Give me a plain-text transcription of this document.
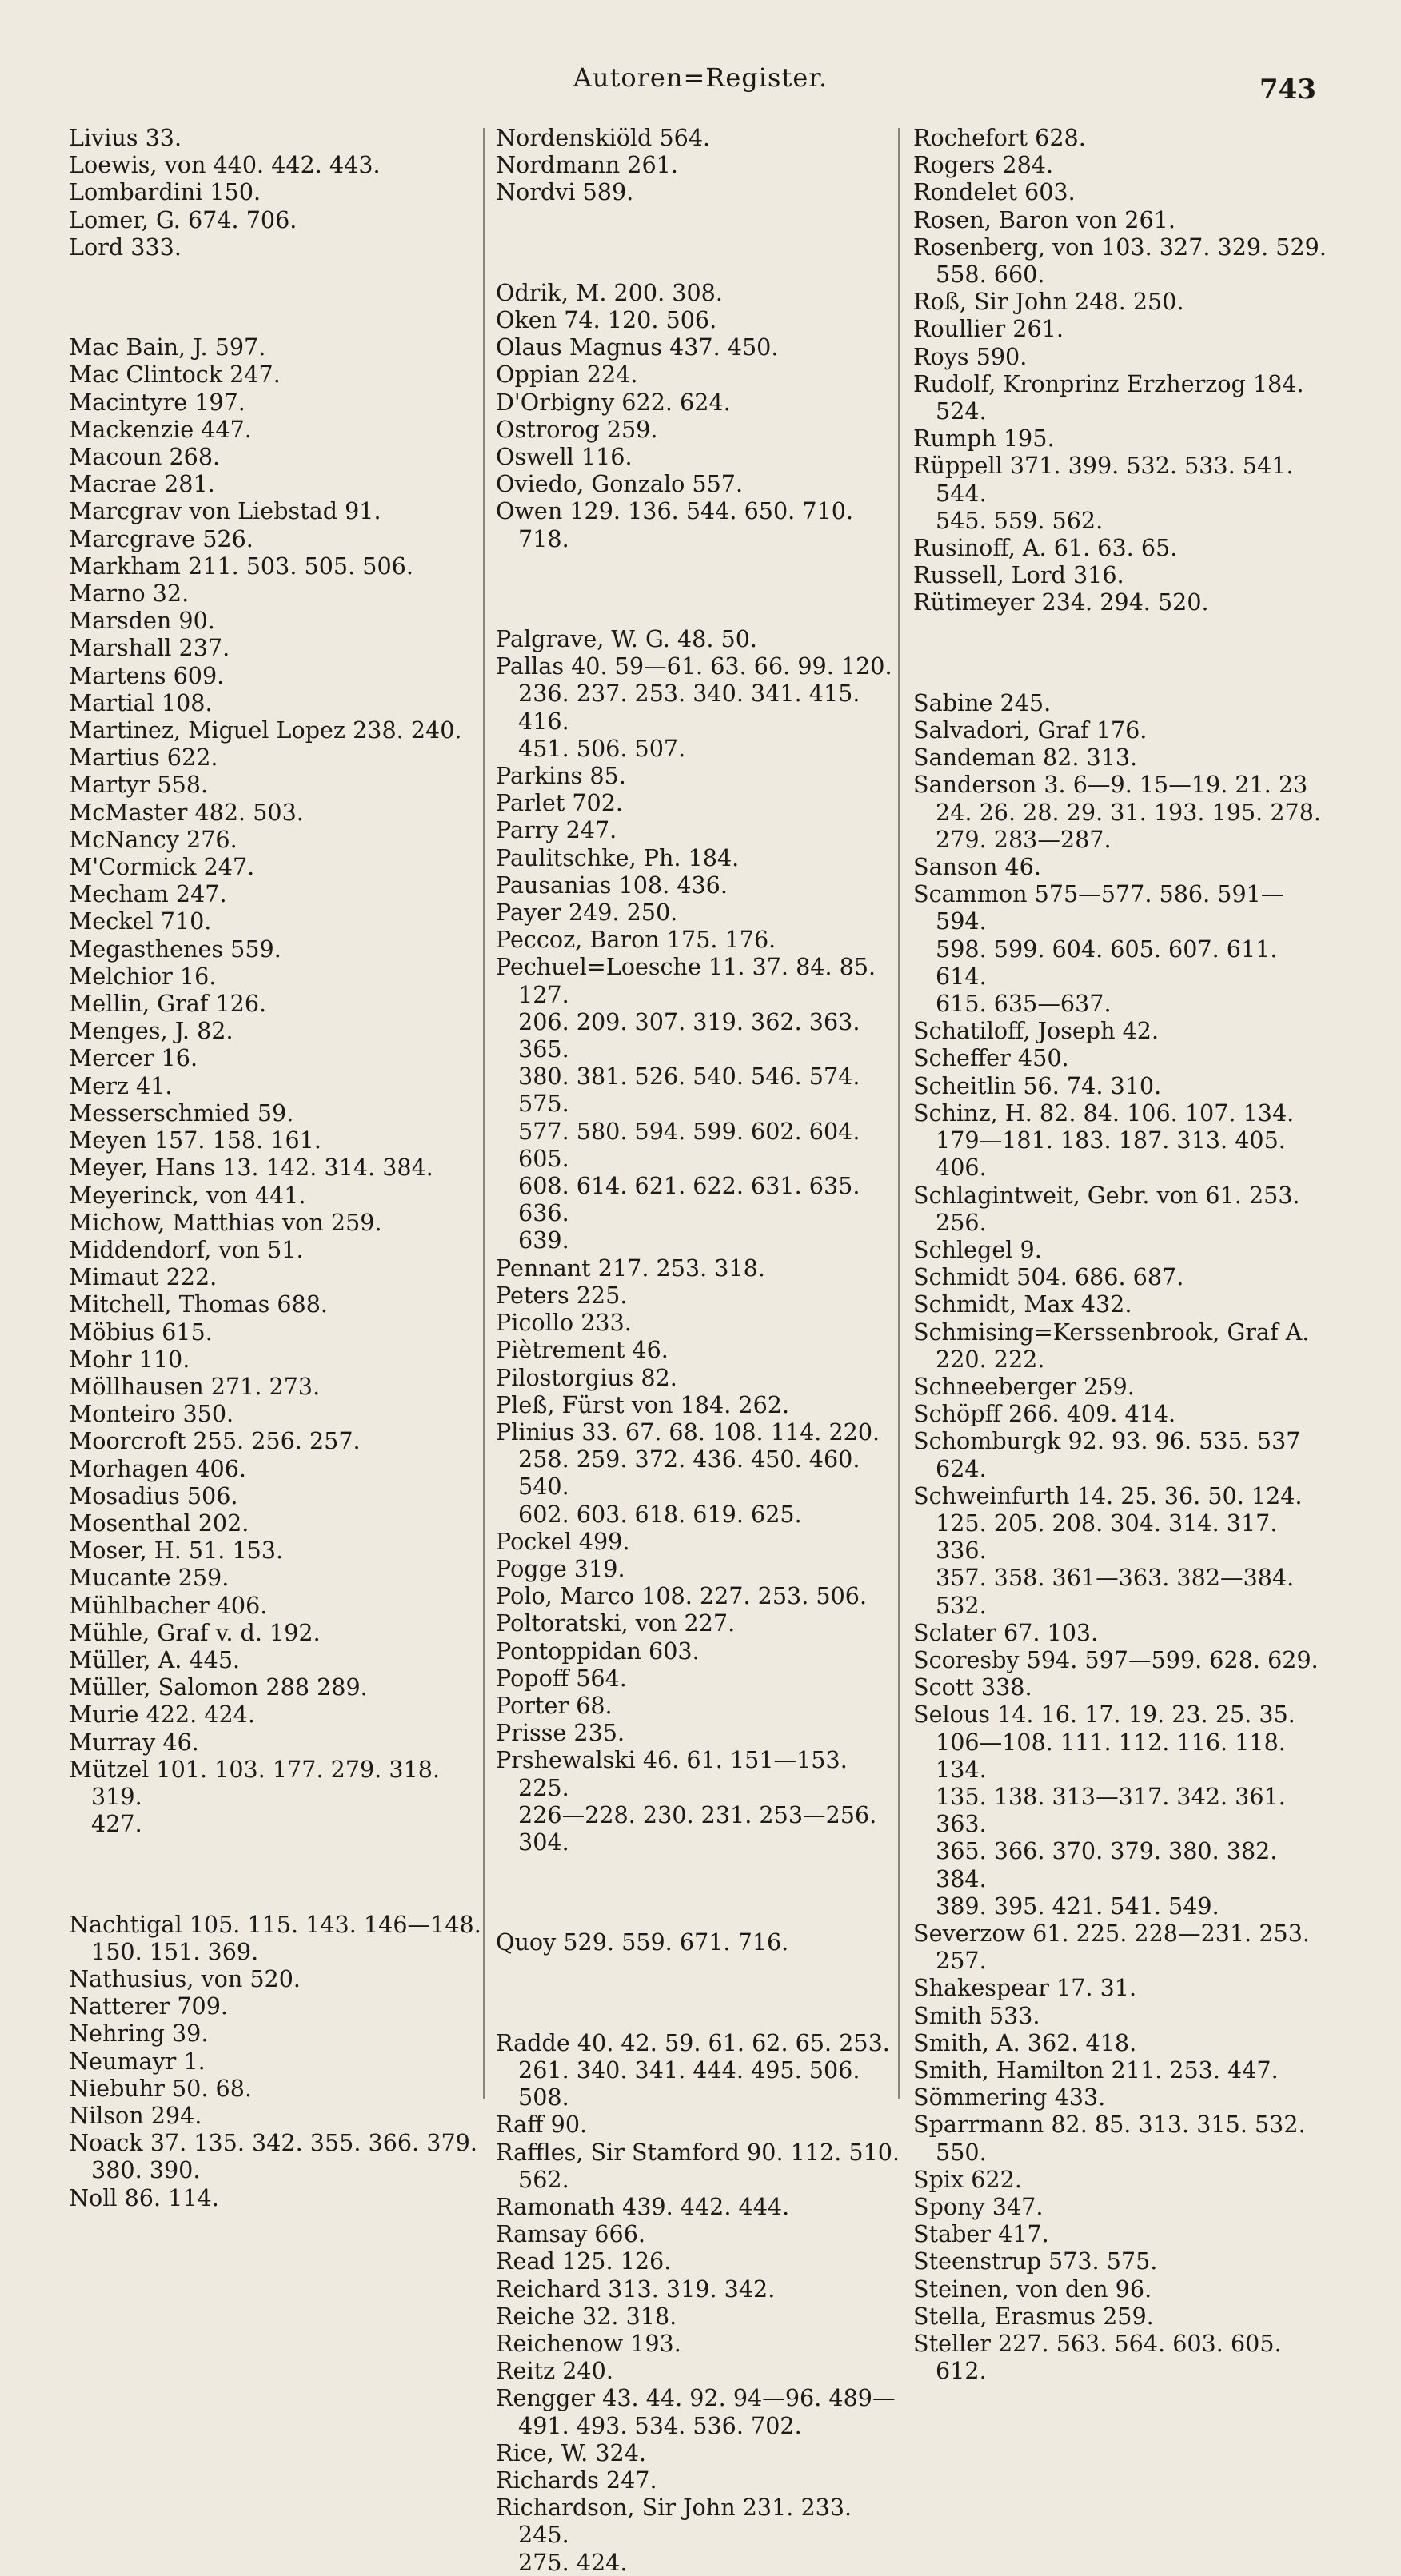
Autoren=Register.	743

Livius 33.

Loewis, von 440. 442. 443.

Lombardini 150.

Lomer, G. 674. 706.

Lord 333.

Mac Bain, J. 597.

Mac Clintock 247.

Macintyre 197.

Mackenzie 447.

Macoun 268.

Macrae 281.

Marcgrav von Liebstad 91.

Marcgrave 526.

Markham 211. 503. 505. 506.

Marno 32.

Marsden 90.

Marshall 237.

Martens 609.

Martial 108.

Martinez, Miguel Lopez 238. 240.

Martius 622.

Martyr 558.

McMaster 482. 503.

McNancy 276.

M'Cormick 247.

Mecham 247.

Meckel 710.

Megasthenes 559.

Melchior 16.

Mellin, Graf 126.

Menges, J. 82.

Mercer 16.

Merz 41.

Messerschmied 59.

Meyen 157. 158. 161.

Meyer, Hans 13. 142. 314. 384.

Meyerinck, von 441.

Michow, Matthias von 259.

Middendorf, von 51.

Mimaut 222.

Mitchell, Thomas 688.

Möbius 615.

Mohr 110.

Möllhausen 271. 273.

Monteiro 350.

Moorcroft 255. 256. 257.

Morhagen 406.

Mosadius 506.

Mosenthal 202.

Moser, H. 51. 153.

Mucante 259.

Mühlbacher 406.

Mühle, Graf v. d. 192.

Müller, A. 445.

Müller, Salomon 288 289.

Murie 422. 424.

Murray 46.

Mützel 101. 103. 177. 279. 318. 319.
427.

Nachtigal 105. 115. 143. 146—148.
150. 151. 369.

Nathusius, von 520.

Natterer 709.

Nehring 39.

Neumayr 1.

Niebuhr 50. 68.

Nilson 294.

Noack 37. 135. 342. 355. 366. 379.
380. 390.

Noll 86. 114.

Nordenskiöld 564.

Nordmann 261.

Nordvi 589.

Odrik, M. 200. 308.

Oken 74. 120. 506.

Olaus Magnus 437. 450.

Oppian 224.

D'Orbigny 622. 624.

Ostrorog 259.

Oswell 116.

Oviedo, Gonzalo 557.

Owen 129. 136. 544. 650. 710. 718.

Palgrave, W. G. 48. 50.

Pallas 40. 59—61. 63. 66. 99. 120.
236. 237. 253. 340. 341. 415. 416.
451. 506. 507.

Parkins 85.

Parlet 702.

Parry 247.

Paulitschke, Ph. 184.

Pausanias 108. 436.

Payer 249. 250.

Peccoz, Baron 175. 176.

Pechuel=Loesche 11. 37. 84. 85. 127.
206. 209. 307. 319. 362. 363. 365.
380. 381. 526. 540. 546. 574. 575.
577. 580. 594. 599. 602. 604. 605.
608. 614. 621. 622. 631. 635. 636.
639.

Pennant 217. 253. 318.

Peters 225.

Picollo 233.

Piètrement 46.

Pilostorgius 82.

Pleß, Fürst von 184. 262.

Plinius 33. 67. 68. 108. 114. 220.
258. 259. 372. 436. 450. 460. 540.
602. 603. 618. 619. 625.

Pockel 499.

Pogge 319.

Polo, Marco 108. 227. 253. 506.

Poltoratski, von 227.

Pontoppidan 603.

Popoff 564.

Porter 68.

Prisse 235.

Prshewalski 46. 61. 151—153. 225.
226—228. 230. 231. 253—256.
304.

Quoy 529. 559. 671. 716.

Radde 40. 42. 59. 61. 62. 65. 253.
261. 340. 341. 444. 495. 506. 508.

Raff 90.

Raffles, Sir Stamford 90. 112. 510.
562.

Ramonath 439. 442. 444.

Ramsay 666.

Read 125. 126.

Reichard 313. 319. 342.

Reiche 32. 318.

Reichenow 193.

Reitz 240.

Rengger 43. 44. 92. 94—96. 489—
491. 493. 534. 536. 702.

Rice, W. 324.

Richards 247.

Richardson, Sir John 231. 233. 245.
275. 424.

Rochefort 628.

Rogers 284.

Rondelet 603.

Rosen, Baron von 261.

Rosenberg, von 103. 327. 329. 529.
558. 660.

Roß, Sir John 248. 250.

Roullier 261.

Roys 590.

Rudolf, Kronprinz Erzherzog 184.
524.

Rumph 195.

Rüppell 371. 399. 532. 533. 541. 544.
545. 559. 562.

Rusinoff, A. 61. 63. 65.

Russell, Lord 316.

Rütimeyer 234. 294. 520.

Sabine 245.

Salvadori, Graf 176.

Sandeman 82. 313.

Sanderson 3. 6—9. 15—19. 21. 23
24. 26. 28. 29. 31. 193. 195. 278.
279. 283—287.

Sanson 46.

Scammon 575—577. 586. 591—594.
598. 599. 604. 605. 607. 611. 614.
615. 635—637.

Schatiloff, Joseph 42.

Scheffer 450.

Scheitlin 56. 74. 310.

Schinz, H. 82. 84. 106. 107. 134.
179—181. 183. 187. 313. 405. 406.

Schlagintweit, Gebr. von 61. 253.
256.

Schlegel 9.

Schmidt 504. 686. 687.

Schmidt, Max 432.

Schmising=Kerssenbrook, Graf A.
220. 222.

Schneeberger 259.

Schöpff 266. 409. 414.

Schomburgk 92. 93. 96. 535. 537
624.

Schweinfurth 14. 25. 36. 50. 124.
125. 205. 208. 304. 314. 317. 336.
357. 358. 361—363. 382—384.
532.

Sclater 67. 103.

Scoresby 594. 597—599. 628. 629.

Scott 338.

Selous 14. 16. 17. 19. 23. 25. 35.
106—108. 111. 112. 116. 118. 134.
135. 138. 313—317. 342. 361. 363.
365. 366. 370. 379. 380. 382. 384.
389. 395. 421. 541. 549.

Severzow 61. 225. 228—231. 253.
257.

Shakespear 17. 31.

Smith 533.

Smith, A. 362. 418.

Smith, Hamilton 211. 253. 447.

Sömmering 433.

Sparrmann 82. 85. 313. 315. 532.
550.

Spix 622.

Spony 347.

Staber 417.

Steenstrup 573. 575.

Steinen, von den 96.

Stella, Erasmus 259.

Steller 227. 563. 564. 603. 605. 612.
